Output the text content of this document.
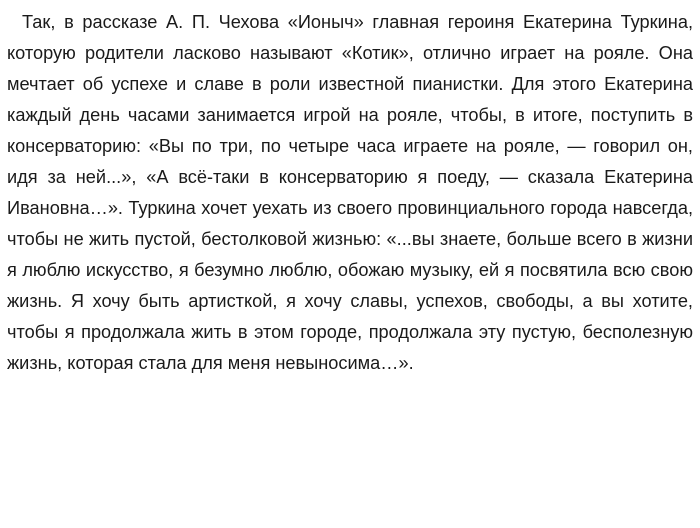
Так, в рассказе А. П. Чехова «Ионыч» главная героиня Екатерина Туркина, которую родители ласково называют «Котик», отлично играет на рояле. Она мечтает об успехе и славе в роли известной пианистки. Для этого Екатерина каждый день часами занимается игрой на рояле, чтобы, в итоге, поступить в консерваторию: «Вы по три, по четыре часа играете на рояле, — говорил он, идя за ней...», «А всё-таки в консерваторию я поеду, — сказала Екатерина Ивановна…». Туркина хочет уехать из своего провинциального города навсегда, чтобы не жить пустой, бестолковой жизнью: «...вы знаете, больше всего в жизни я люблю искусство, я безумно люблю, обожаю музыку, ей я посвятила всю свою жизнь. Я хочу быть артисткой, я хочу славы, успехов, свободы, а вы хотите, чтобы я продолжала жить в этом городе, продолжала эту пустую, бесполезную жизнь, которая стала для меня невыносима…».
